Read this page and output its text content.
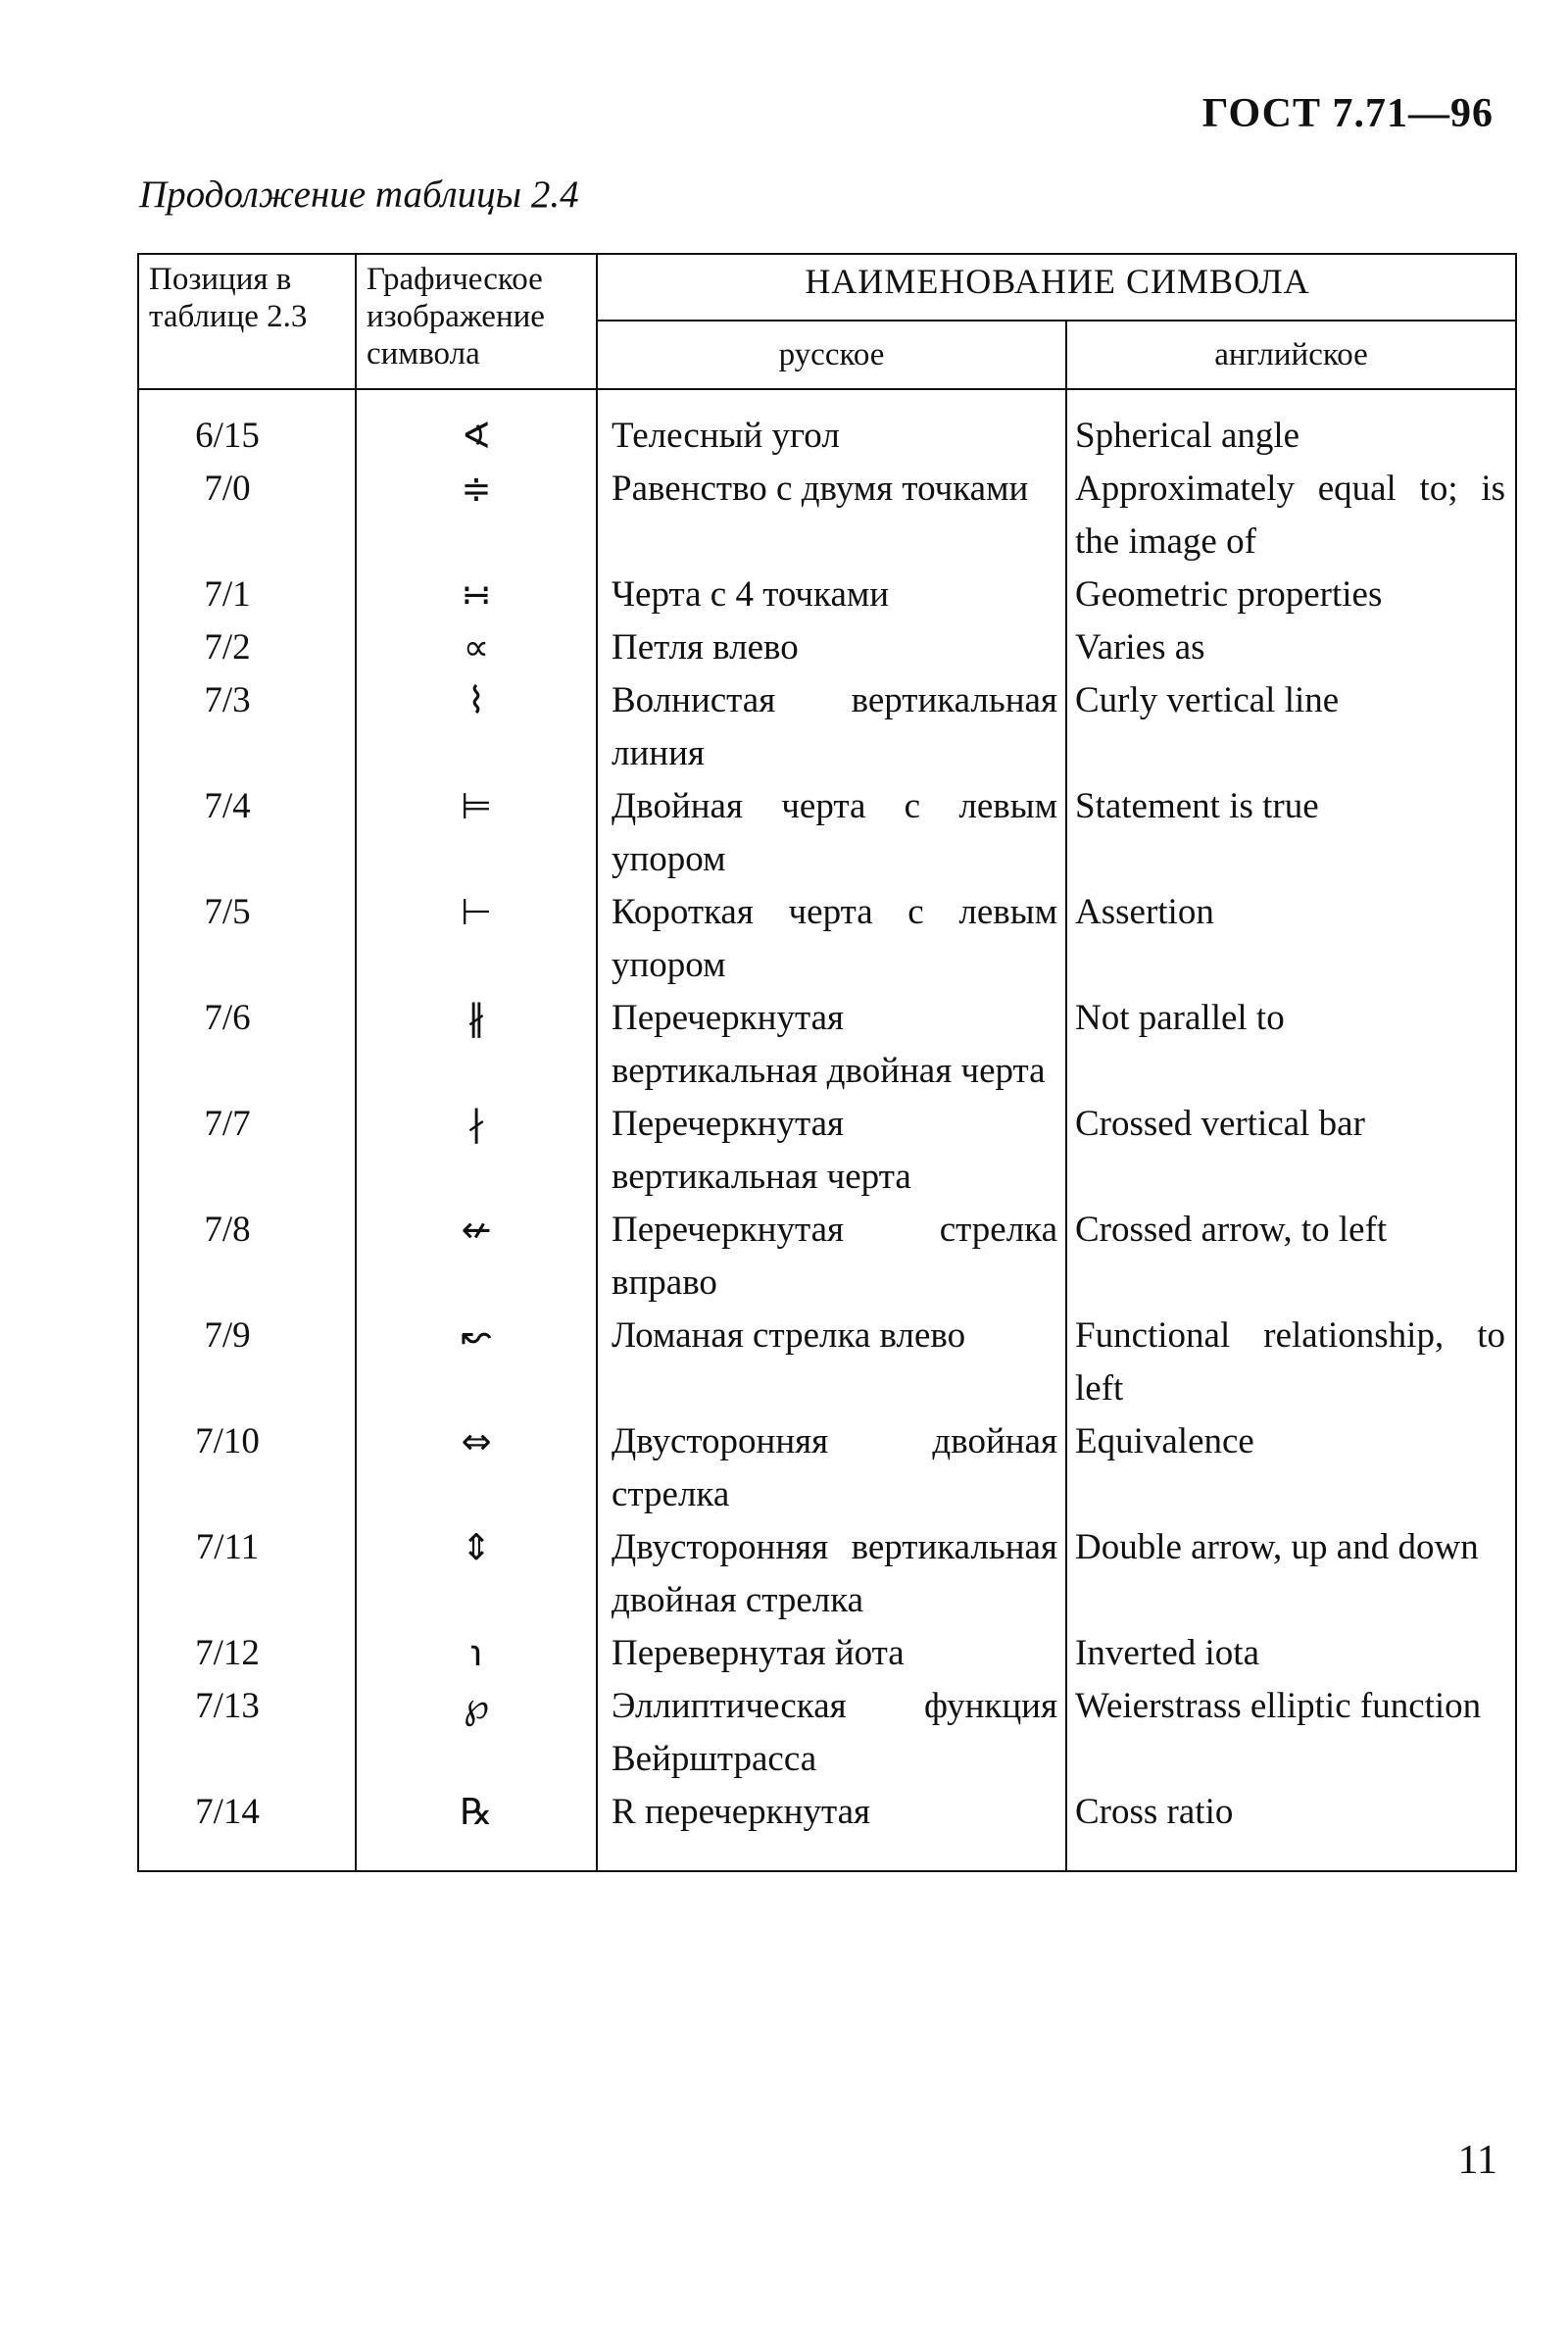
ГОСТ 7.71—96
Продолжение таблицы 2.4
Позиция в таблице 2.3	Графическое изображение символа	НАИМЕНОВАНИЕ СИМВОЛА	
		русское	английское
6/15	∢	Телесный угол	Spherical angle
7/0	≑	Равенство с двумя точками	Approximately equal to; is the image of
7/1	∺	Черта с 4 точками	Geometric properties
7/2	∝	Петля влево	Varies as
7/3	⌇	Волнистая вертикальная линия	Curly vertical line
7/4	⊨	Двойная черта с левым упором	Statement is true
7/5	⊢	Короткая черта с левым упором	Assertion
7/6	∦	Перечеркнутая вертикальная двойная черта	Not parallel to
7/7	∤	Перечеркнутая вертикальная черта	Crossed vertical bar
7/8	↚	Перечеркнутая стрелка вправо	Crossed arrow, to left
7/9	↜	Ломаная стрелка влево	Functional relationship, to left
7/10	⇔	Двусторонняя двойная стрелка	Equivalence
7/11	⇕	Двусторонняя вертикальная двойная стрелка	Double arrow, up and down
7/12	℩	Перевернутая йота	Inverted iota
7/13	℘	Эллиптическая функция Вейрштрасса	Weierstrass elliptic function
7/14	℞	R перечеркнутая	Cross ratio
11
